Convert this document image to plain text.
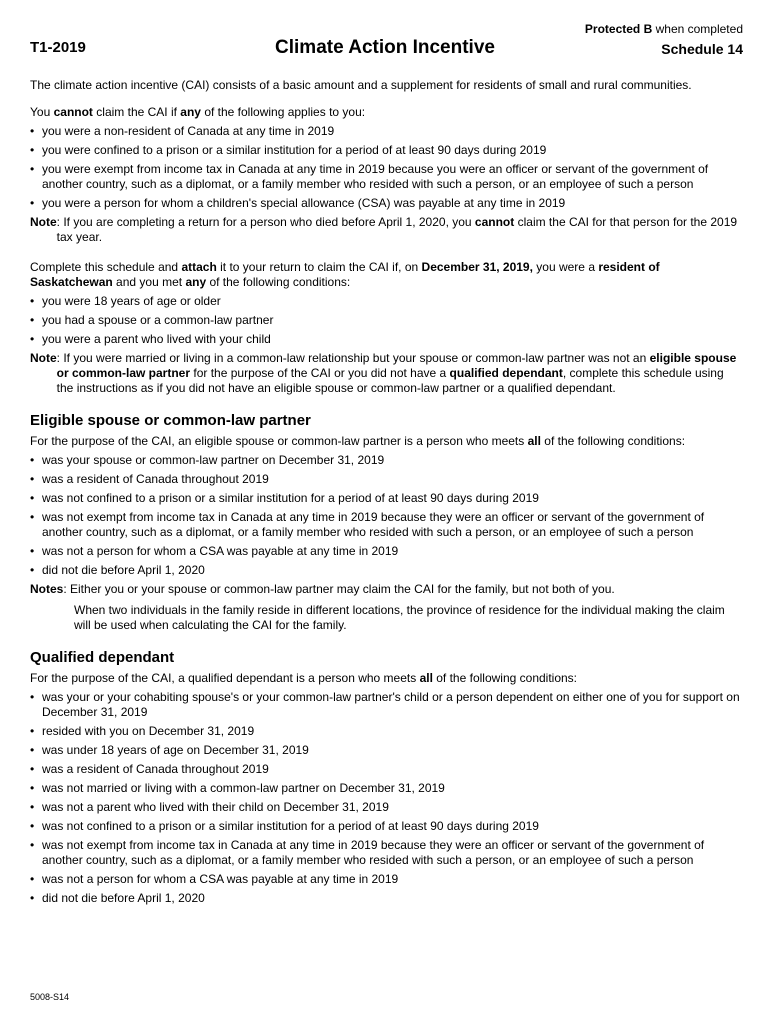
Protected B when completed
T1-2019	Climate Action Incentive	Schedule 14

The climate action incentive (CAI) consists of a basic amount and a supplement for residents of small and rural communities.

You cannot claim the CAI if any of the following applies to you:

• you were a non-resident of Canada at any time in 2019
• you were confined to a prison or a similar institution for a period of at least 90 days during 2019
• you were exempt from income tax in Canada at any time in 2019 because you were an officer or servant of the government of another country, such as a diplomat, or a family member who resided with such a person, or an employee of such a person
• you were a person for whom a children's special allowance (CSA) was payable at any time in 2019
Note : If you are completing a return for a person who died before April 1, 2020, you cannot claim the CAI for that person for the 2019 tax year.

Complete this schedule and attach it to your return to claim the CAI if, on December 31, 2019, you were a resident of Saskatchewan and you met any of the following conditions:

• you were 18 years of age or older
• you had a spouse or a common-law partner
• you were a parent who lived with your child
Note : If you were married or living in a common-law relationship but your spouse or common-law partner was not an eligible spouse or common-law partner for the purpose of the CAI or you did not have a qualified dependant, complete this schedule using the instructions as if you did not have an eligible spouse or common-law partner or a qualified dependant.
Eligible spouse or common-law partner

For the purpose of the CAI, an eligible spouse or common-law partner is a person who meets all of the following conditions:

• was your spouse or common-law partner on December 31, 2019
• was a resident of Canada throughout 2019
• was not confined to a prison or a similar institution for a period of at least 90 days during 2019
• was not exempt from income tax in Canada at any time in 2019 because they were an officer or servant of the government of another country, such as a diplomat, or a family member who resided with such a person, or an employee of such a person
• was not a person for whom a CSA was payable at any time in 2019
• did not die before April 1, 2020
Notes : Either you or your spouse or common-law partner may claim the CAI for the family, but not both of you.

When two individuals in the family reside in different locations, the province of residence for the individual making the claim will be used when calculating the CAI for the family.

Qualified dependant

For the purpose of the CAI, a qualified dependant is a person who meets all of the following conditions:

• was your or your cohabiting spouse's or your common-law partner's child or a person dependent on either one of you for support on December 31, 2019
• resided with you on December 31, 2019
• was under 18 years of age on December 31, 2019
• was a resident of Canada throughout 2019
• was not married or living with a common-law partner on December 31, 2019
• was not a parent who lived with their child on December 31, 2019
• was not confined to a prison or a similar institution for a period of at least 90 days during 2019
• was not exempt from income tax in Canada at any time in 2019 because they were an officer or servant of the government of another country, such as a diplomat, or a family member who resided with such a person, or an employee of such a person
• was not a person for whom a CSA was payable at any time in 2019
• did not die before April 1, 2020
5008-S14
